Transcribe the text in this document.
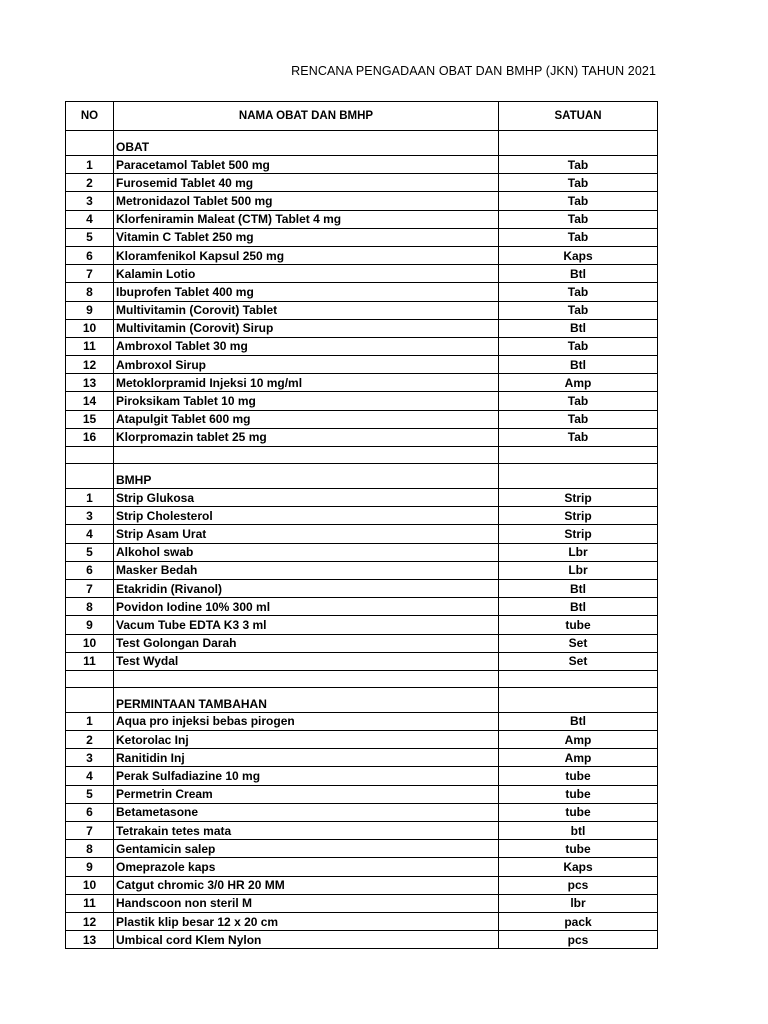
RENCANA PENGADAAN OBAT DAN BMHP (JKN) TAHUN 2021
NO	NAMA OBAT DAN BMHP	SATUAN
	OBAT	
1	Paracetamol Tablet 500 mg	Tab
2	Furosemid Tablet 40 mg	Tab
3	Metronidazol Tablet 500 mg	Tab
4	Klorfeniramin Maleat (CTM) Tablet 4 mg	Tab
5	Vitamin C Tablet 250 mg	Tab
6	Kloramfenikol Kapsul 250 mg	Kaps
7	Kalamin Lotio	Btl
8	Ibuprofen Tablet 400 mg	Tab
9	Multivitamin (Corovit) Tablet	Tab
10	Multivitamin (Corovit) Sirup	Btl
11	Ambroxol Tablet 30 mg	Tab
12	Ambroxol Sirup	Btl
13	Metoklorpramid Injeksi 10 mg/ml	Amp
14	Piroksikam Tablet 10 mg	Tab
15	Atapulgit Tablet 600 mg	Tab
16	Klorpromazin tablet 25 mg	Tab

	BMHP	
1	Strip Glukosa	Strip
3	Strip Cholesterol	Strip
4	Strip Asam Urat	Strip
5	Alkohol swab	Lbr
6	Masker Bedah	Lbr
7	Etakridin (Rivanol)	Btl
8	Povidon Iodine 10% 300 ml	Btl
9	Vacum Tube EDTA K3 3 ml	tube
10	Test Golongan Darah	Set
11	Test Wydal	Set

	PERMINTAAN TAMBAHAN	
1	Aqua pro injeksi bebas pirogen	Btl
2	Ketorolac Inj	Amp
3	Ranitidin Inj	Amp
4	Perak Sulfadiazine 10 mg	tube
5	Permetrin Cream	tube
6	Betametasone	tube
7	Tetrakain tetes mata	btl
8	Gentamicin salep	tube
9	Omeprazole kaps	Kaps
10	Catgut chromic 3/0 HR 20 MM	pcs
11	Handscoon non steril M	lbr
12	Plastik klip besar 12 x 20 cm	pack
13	Umbical cord Klem Nylon	pcs
